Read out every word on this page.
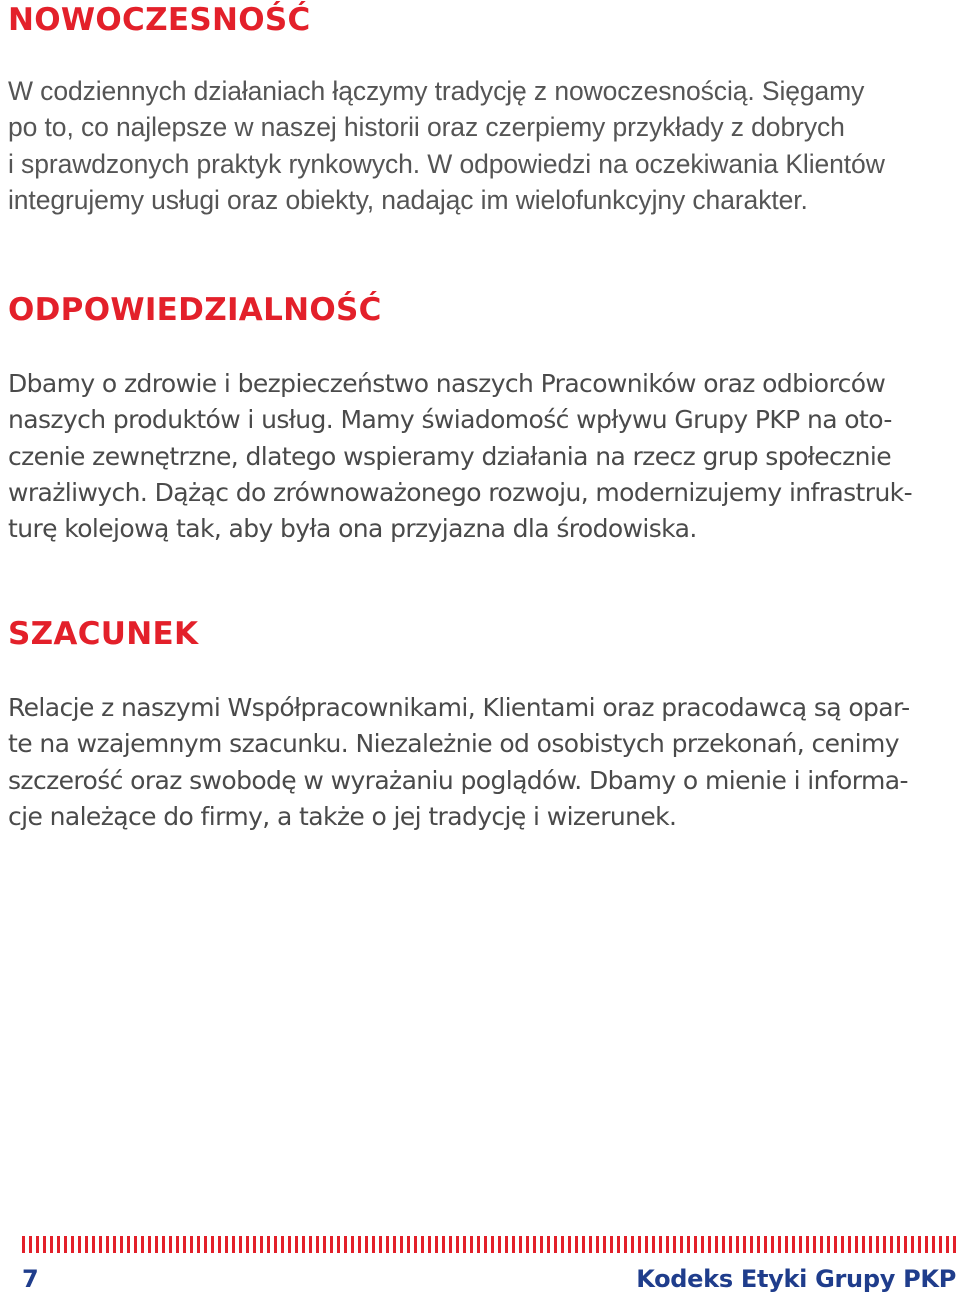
NOWOCZESNOŚĆ

W codziennych działaniach łączymy tradycję z nowoczesnością. Sięgamy
po to, co najlepsze w naszej historii oraz czerpiemy przykłady z dobrych
i sprawdzonych praktyk rynkowych. W odpowiedzi na oczekiwania Klientów
integrujemy usługi oraz obiekty, nadając im wielofunkcyjny charakter.

ODPOWIEDZIALNOŚĆ

Dbamy o zdrowie i bezpieczeństwo naszych Pracowników oraz odbiorców
naszych produktów i usług. Mamy świadomość wpływu Grupy PKP na oto-
czenie zewnętrzne, dlatego wspieramy działania na rzecz grup społecznie
wrażliwych. Dążąc do zrównoważonego rozwoju, modernizujemy infrastruk-
turę kolejową tak, aby była ona przyjazna dla środowiska.

SZACUNEK

Relacje z naszymi Współpracownikami, Klientami oraz pracodawcą są opar-
te na wzajemnym szacunku. Niezależnie od osobistych przekonań, cenimy
szczerość oraz swobodę w wyrażaniu poglądów. Dbamy o mienie i informa-
cje należące do firmy, a także o jej tradycję i wizerunek.

7	Kodeks Etyki Grupy PKP
